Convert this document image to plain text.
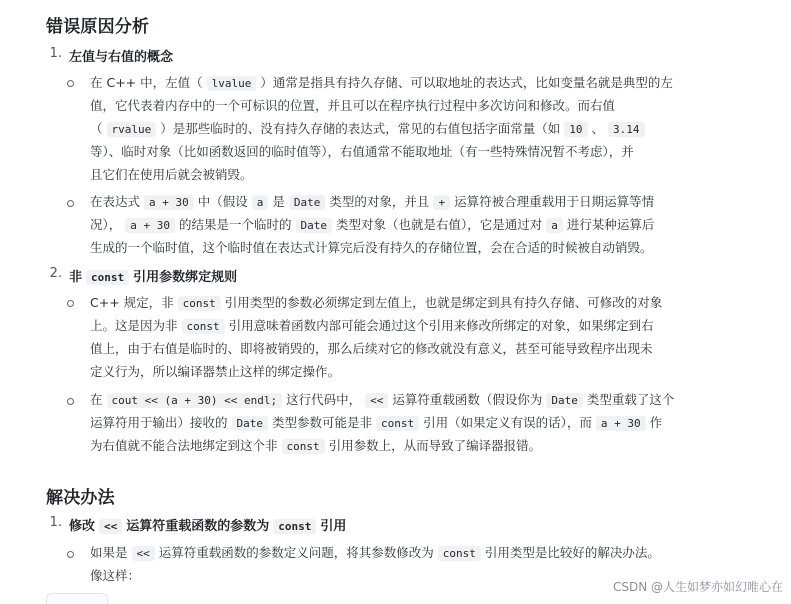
错误原因分析
1. 左值与右值的概念
在 C++ 中，左值（ lvalue ）通常是指具有持久存储、可以取地址的表达式，比如变量名就是典型的左
值，它代表着内存中的一个可标识的位置，并且可以在程序执行过程中多次访问和修改。而右值
（ rvalue ）是那些临时的、没有持久存储的表达式，常见的右值包括字面常量（如 10 、 3.14
等）、临时对象（比如函数返回的临时值等），右值通常不能取地址（有一些特殊情况暂不考虑），并
且它们在使用后就会被销毁。
在表达式 a + 30 中（假设 a 是 Date 类型的对象，并且 + 运算符被合理重载用于日期运算等情
况）， a + 30 的结果是一个临时的 Date 类型对象（也就是右值），它是通过对 a 进行某种运算后
生成的一个临时值，这个临时值在表达式计算完后没有持久的存储位置，会在合适的时候被自动销毁。
2. 非 const 引用参数绑定规则
C++ 规定，非 const 引用类型的参数必须绑定到左值上，也就是绑定到具有持久存储、可修改的对象
上。这是因为非 const 引用意味着函数内部可能会通过这个引用来修改所绑定的对象，如果绑定到右
值上，由于右值是临时的、即将被销毁的，那么后续对它的修改就没有意义，甚至可能导致程序出现未
定义行为，所以编译器禁止这样的绑定操作。
在 cout << (a + 30) << endl; 这行代码中， << 运算符重载函数（假设你为 Date 类型重载了这个
运算符用于输出）接收的 Date 类型参数可能是非 const 引用（如果定义有误的话），而 a + 30 作
为右值就不能合法地绑定到这个非 const 引用参数上，从而导致了编译器报错。
解决办法
1. 修改 << 运算符重载函数的参数为 const 引用
如果是 << 运算符重载函数的参数定义问题，将其参数修改为 const 引用类型是比较好的解决办法。
像这样：
CSDN @人生如梦亦如幻唯心在
